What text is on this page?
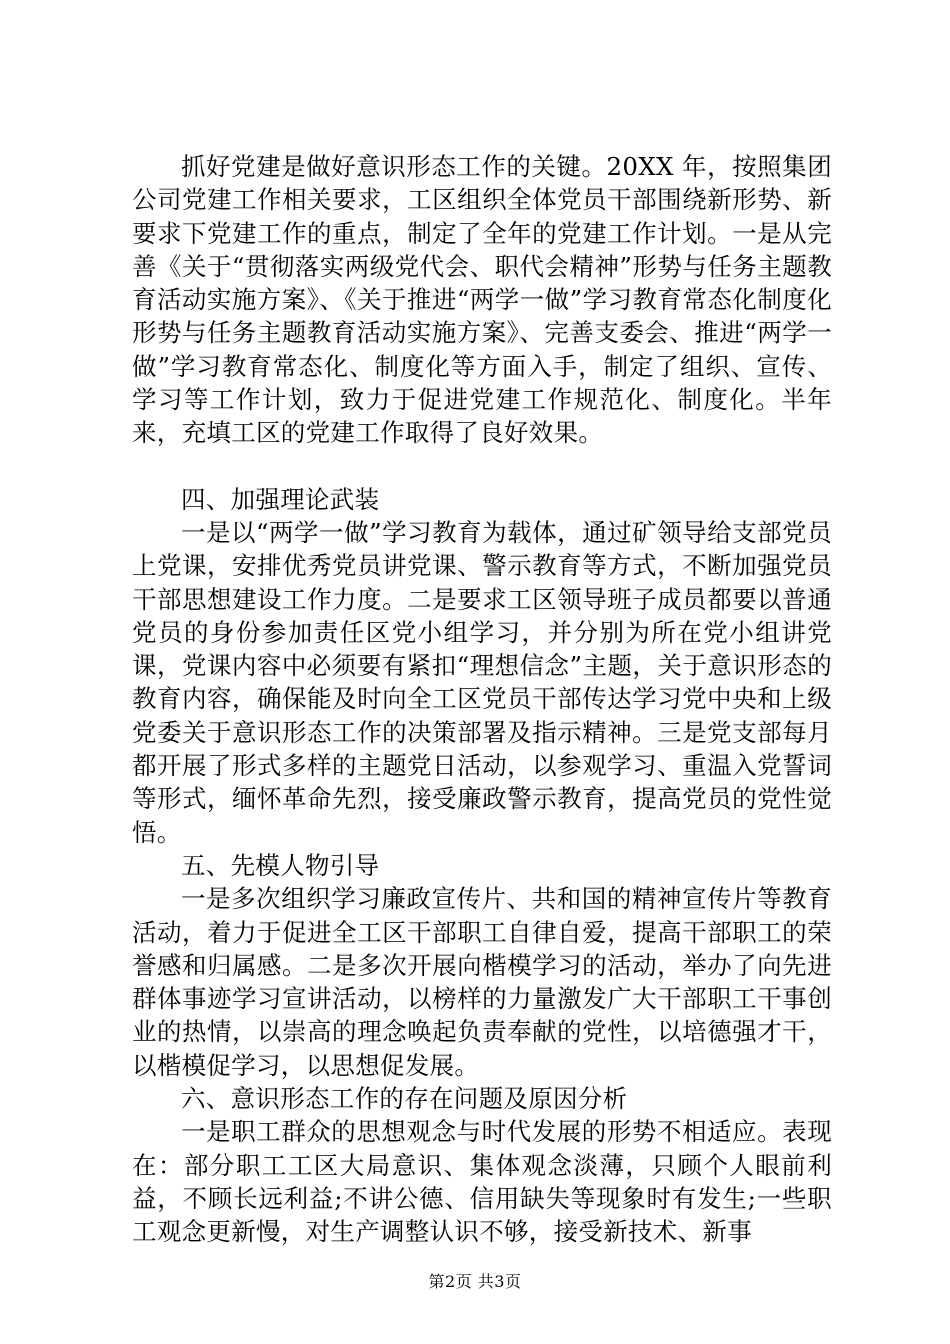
抓好党建是做好意识形态工作的关键。20XX 年，按照集团公司党建工作相关要求，工区组织全体党员干部围绕新形势、新要求下党建工作的重点，制定了全年的党建工作计划。一是从完善《关于“贯彻落实两级党代会、职代会精神”形势与任务主题教育活动实施方案》、《关于推进“两学一做”学习教育常态化制度化形势与任务主题教育活动实施方案》、完善支委会、推进“两学一做”学习教育常态化、制度化等方面入手，制定了组织、宣传、学习等工作计划，致力于促进党建工作规范化、制度化。半年来，充填工区的党建工作取得了良好效果。

四、加强理论武装

一是以“两学一做”学习教育为载体，通过矿领导给支部党员上党课，安排优秀党员讲党课、警示教育等方式，不断加强党员干部思想建设工作力度。二是要求工区领导班子成员都要以普通党员的身份参加责任区党小组学习，并分别为所在党小组讲党课，党课内容中必须要有紧扣“理想信念”主题，关于意识形态的教育内容，确保能及时向全工区党员干部传达学习党中央和上级党委关于意识形态工作的决策部署及指示精神。三是党支部每月都开展了形式多样的主题党日活动，以参观学习、重温入党誓词等形式，缅怀革命先烈，接受廉政警示教育，提高党员的党性觉悟。

五、先模人物引导

一是多次组织学习廉政宣传片、共和国的精神宣传片等教育活动，着力于促进全工区干部职工自律自爱，提高干部职工的荣誉感和归属感。二是多次开展向楷模学习的活动，举办了向先进群体事迹学习宣讲活动，以榜样的力量激发广大干部职工干事创业的热情，以崇高的理念唤起负责奉献的党性，以培德强才干，以楷模促学习，以思想促发展。

六、意识形态工作的存在问题及原因分析

一是职工群众的思想观念与时代发展的形势不相适应。表现在：部分职工工区大局意识、集体观念淡薄，只顾个人眼前利益，不顾长远利益;不讲公德、信用缺失等现象时有发生;一些职工观念更新慢，对生产调整认识不够，接受新技术、新事

第2页 共3页
